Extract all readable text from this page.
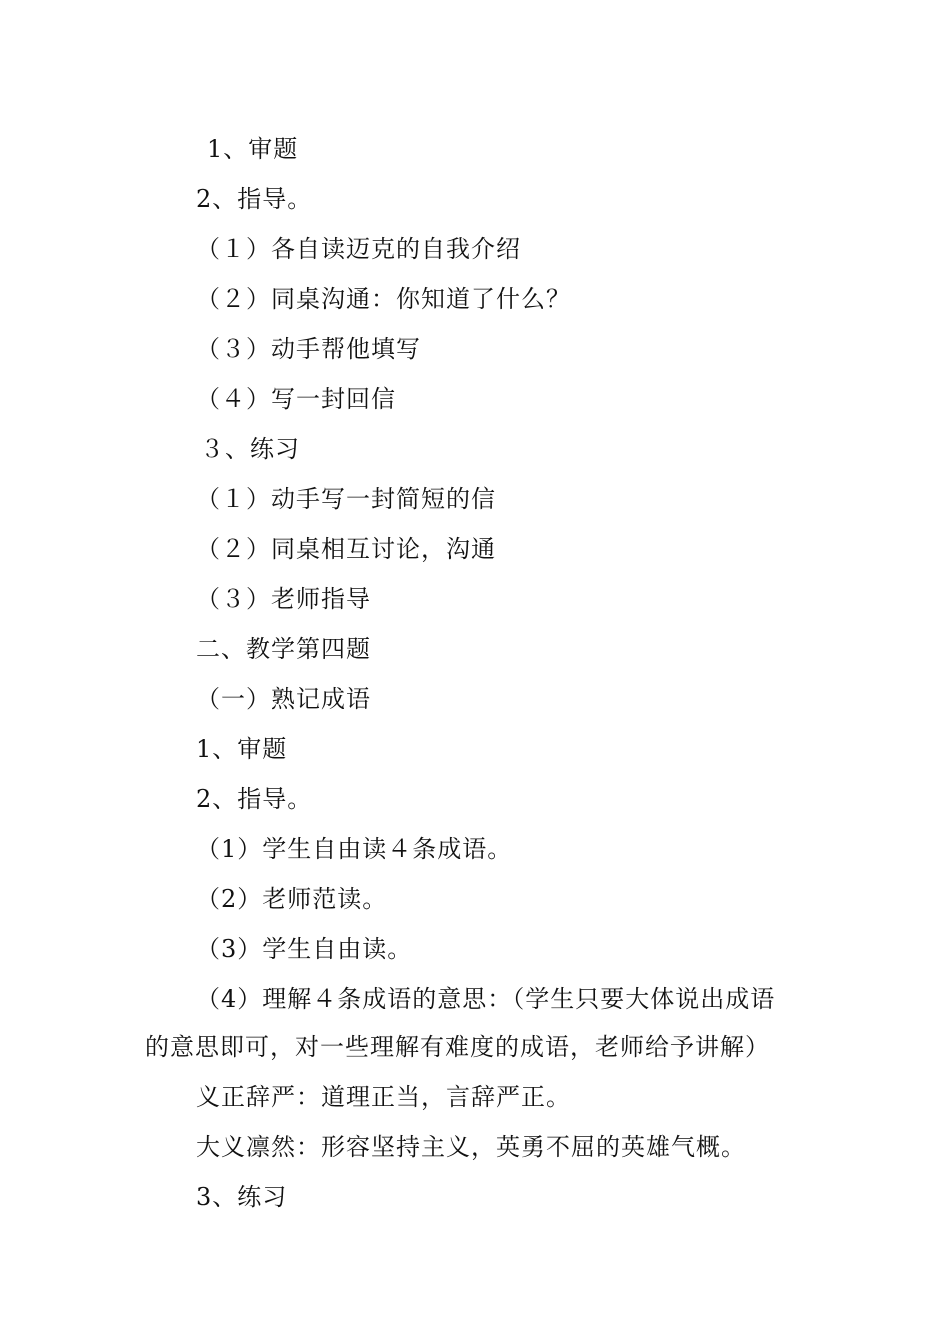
1、审题
2、指导。
（１）各自读迈克的自我介绍
（２）同桌沟通：你知道了什么？
（３）动手帮他填写
（４）写一封回信
３、练习
（１）动手写一封简短的信
（２）同桌相互讨论，沟通
（３）老师指导
二、教学第四题
（一）熟记成语
1、审题
2、指导。
（1）学生自由读４条成语。
（2）老师范读。
（3）学生自由读。
（4）理解４条成语的意思：（学生只要大体说出成语
的意思即可，对一些理解有难度的成语，老师给予讲解）
义正辞严：道理正当，言辞严正。
大义凛然：形容坚持主义，英勇不屈的英雄气概。
3、练习
